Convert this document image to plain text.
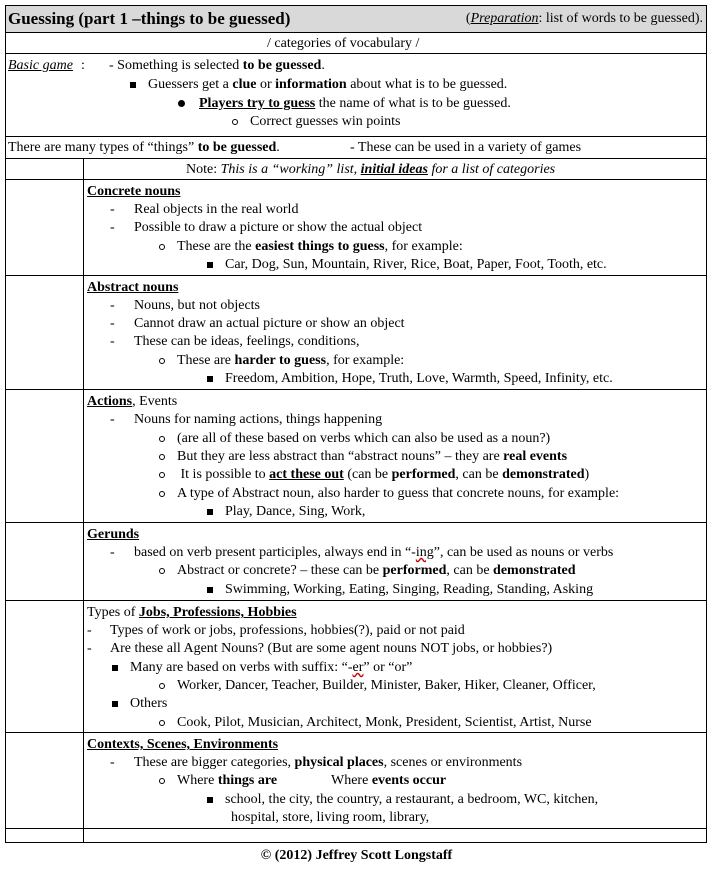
Guessing (part 1 –things to be guessed)	(Preparation: list of words to be guessed).
/ categories of vocabulary /
Basic game : - Something is selected to be guessed.
Guessers get a clue or information about what is to be guessed.
Players try to guess the name of what is to be guessed.
Correct guesses win points
There are many types of “things” to be guessed.	- These can be used in a variety of games
Note: This is a “working” list, initial ideas for a list of categories
Concrete nouns
- Real objects in the real world
- Possible to draw a picture or show the actual object
These are the easiest things to guess, for example:
Car, Dog, Sun, Mountain, River, Rice, Boat, Paper, Foot, Tooth, etc.
Abstract nouns
- Nouns, but not objects
- Cannot draw an actual picture or show an object
- These can be ideas, feelings, conditions,
These are harder to guess, for example:
Freedom, Ambition, Hope, Truth, Love, Warmth, Speed, Infinity, etc.
Actions, Events
- Nouns for naming actions, things happening
(are all of these based on verbs which can also be used as a noun?)
But they are less abstract than “abstract nouns” – they are real events
It is possible to act these out (can be performed, can be demonstrated)
A type of Abstract noun, also harder to guess that concrete nouns, for example:
Play, Dance, Sing, Work,
Gerunds
- based on verb present participles, always end in “-ing”, can be used as nouns or verbs
Abstract or concrete? – these can be performed, can be demonstrated
Swimming, Working, Eating, Singing, Reading, Standing, Asking
Types of Jobs, Professions, Hobbies
- Types of work or jobs, professions, hobbies(?), paid or not paid
- Are these all Agent Nouns? (But are some agent nouns NOT jobs, or hobbies?)
Many are based on verbs with suffix: “-er” or “or”
Worker, Dancer, Teacher, Builder, Minister, Baker, Hiker, Cleaner, Officer,
Others
Cook, Pilot, Musician, Architect, Monk, President, Scientist, Artist, Nurse
Contexts, Scenes, Environments
- These are bigger categories, physical places, scenes or environments
Where things are	Where events occur
school, the city, the country, a restaurant, a bedroom, WC, kitchen,
hospital, store, living room, library,
© (2012) Jeffrey Scott Longstaff
